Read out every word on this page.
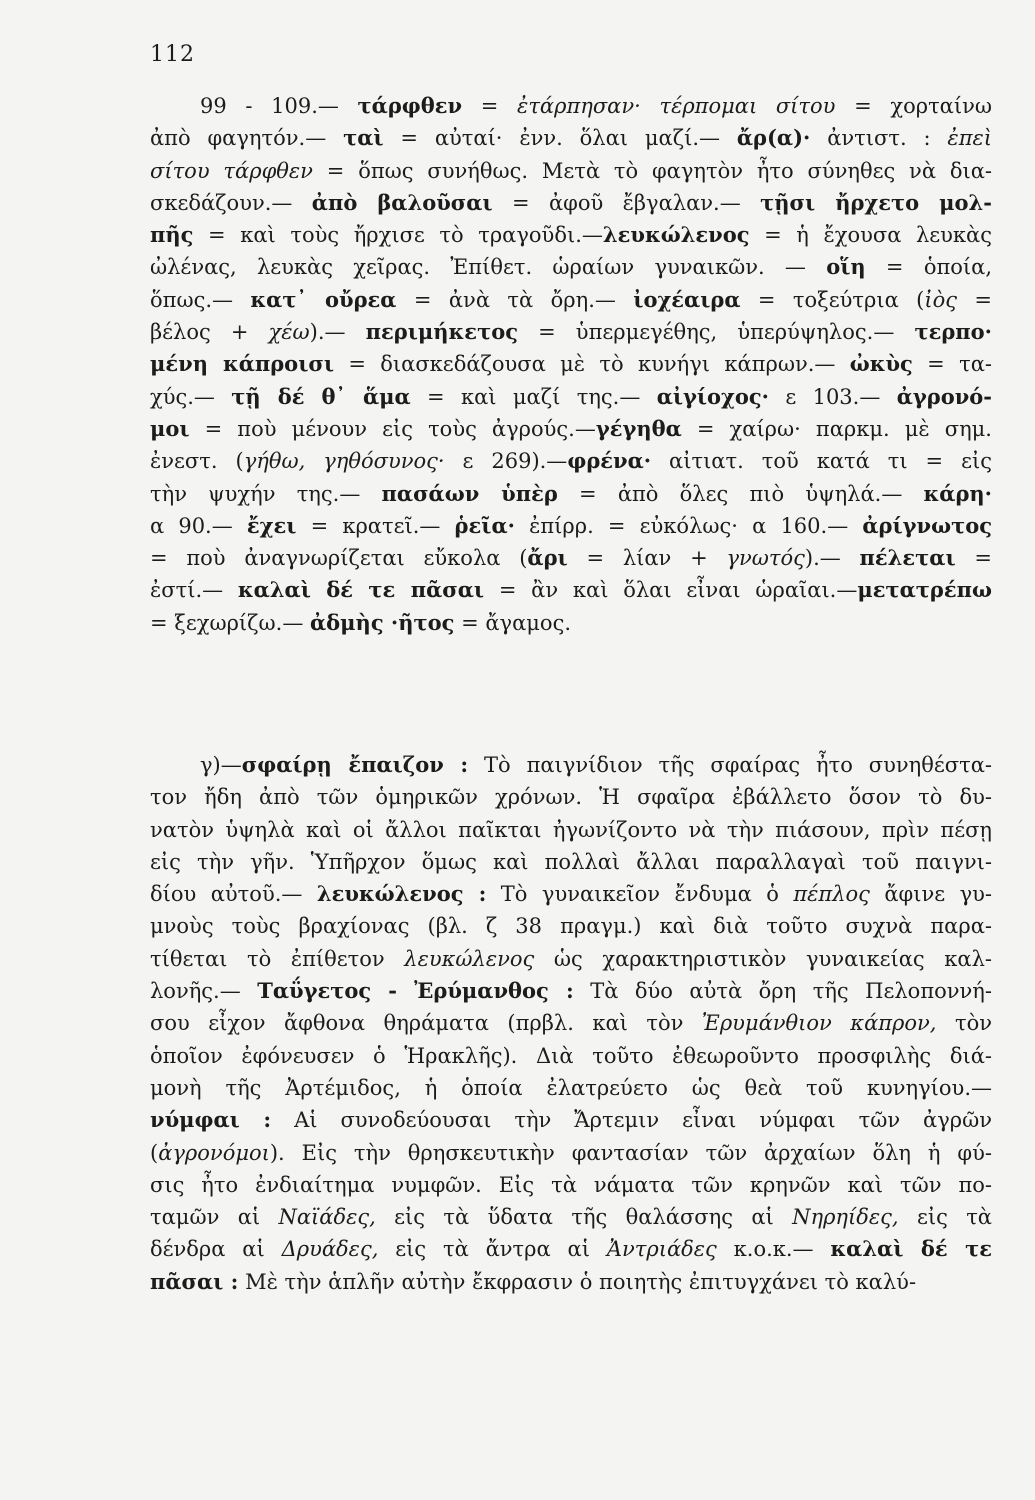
112
99 - 109.— τάρφθεν = ἐτάρπησαν· τέρπομαι σίτου = χορταίνω
ἀπὸ φαγητόν.— ταὶ = αὐταί· ἐνν. ὅλαι μαζί.— ἄρ(α)· ἀντιστ. : ἐπεὶ
σίτου τάρφθεν = ὅπως συνήθως. Μετὰ τὸ φαγητὸν ἦτο σύνηθες νὰ δια-
σκεδάζουν.— ἀπὸ βαλοῦσαι = ἀφοῦ ἔβγαλαν.— τῇσι ἤρχετο μολ-
πῆς = καὶ τοὺς ἤρχισε τὸ τραγοῦδι.—λευκώλενος = ἡ ἔχουσα λευκὰς
ὠλένας, λευκὰς χεῖρας. Ἐπίθετ. ὡραίων γυναικῶν. — οἵη = ὁποία,
ὅπως.— κατ᾽ οὔρεα = ἀνὰ τὰ ὄρη.— ἰοχέαιρα = τοξεύτρια (ἰὸς =
βέλος + χέω).— περιμήκετος = ὑπερμεγέθης, ὑπερύψηλος.— τερπο·
μένη κάπροισι = διασκεδάζουσα μὲ τὸ κυνήγι κάπρων.— ὠκὺς = τα-
χύς.— τῇ δέ θ᾽ ἅμα = καὶ μαζί της.— αἰγίοχος· ε 103.— ἀγρονό-
μοι = ποὺ μένουν εἰς τοὺς ἀγρούς.—γέγηθα = χαίρω· παρκμ. μὲ σημ.
ἐνεστ. (γήθω, γηθόσυνος· ε 269).—φρένα· αἰτιατ. τοῦ κατά τι = εἰς
τὴν ψυχήν της.— πασάων ὑπὲρ = ἀπὸ ὅλες πιὸ ὑψηλά.— κάρη·
α 90.— ἔχει = κρατεῖ.— ῥεῖα· ἐπίρρ. = εὐκόλως· α 160.— ἀρίγνωτος
= ποὺ ἀναγνωρίζεται εὔκολα (ἄρι = λίαν + γνωτός).— πέλεται =
ἐστί.— καλαὶ δέ τε πᾶσαι = ἂν καὶ ὅλαι εἶναι ὡραῖαι.—μετατρέπω
= ξεχωρίζω.— ἀδμὴς ·ῆτος = ἄγαμος.
γ)—σφαίρῃ ἔπαιζον : Τὸ παιγνίδιον τῆς σφαίρας ἦτο συνηθέστα-
τον ἤδη ἀπὸ τῶν ὁμηρικῶν χρόνων. Ἡ σφαῖρα ἐβάλλετο ὅσον τὸ δυ-
νατὸν ὑψηλὰ καὶ οἱ ἄλλοι παῖκται ἠγωνίζοντο νὰ τὴν πιάσουν, πρὶν πέσῃ
εἰς τὴν γῆν. Ὑπῆρχον ὅμως καὶ πολλαὶ ἄλλαι παραλλαγαὶ τοῦ παιγνι-
δίου αὐτοῦ.— λευκώλενος : Τὸ γυναικεῖον ἔνδυμα ὁ πέπλος ἄφινε γυ-
μνοὺς τοὺς βραχίονας (βλ. ζ 38 πραγμ.) καὶ διὰ τοῦτο συχνὰ παρα-
τίθεται τὸ ἐπίθετον λευκώλενος ὡς χαρακτηριστικὸν γυναικείας καλ-
λονῆς.— Ταΰγετος - Ἐρύμανθος : Τὰ δύο αὐτὰ ὄρη τῆς Πελοποννή-
σου εἶχον ἄφθονα θηράματα (πρβλ. καὶ τὸν Ἐρυμάνθιον κάπρον, τὸν
ὁποῖον ἐφόνευσεν ὁ Ἡρακλῆς). Διὰ τοῦτο ἐθεωροῦντο προσφιλὴς διά-
μονὴ τῆς Ἀρτέμιδος, ἡ ὁποία ἐλατρεύετο ὡς θεὰ τοῦ κυνηγίου.—
νύμφαι : Αἱ συνοδεύουσαι τὴν Ἄρτεμιν εἶναι νύμφαι τῶν ἀγρῶν
(ἀγρονόμοι). Εἰς τὴν θρησκευτικὴν φαντασίαν τῶν ἀρχαίων ὅλη ἡ φύ-
σις ἦτο ἐνδιαίτημα νυμφῶν. Εἰς τὰ νάματα τῶν κρηνῶν καὶ τῶν πο-
ταμῶν αἱ Ναϊάδες, εἰς τὰ ὕδατα τῆς θαλάσσης αἱ Νηρηίδες, εἰς τὰ
δένδρα αἱ Δρυάδες, εἰς τὰ ἄντρα αἱ Ἀντριάδες κ.ο.κ.— καλαὶ δέ τε
πᾶσαι : Μὲ τὴν ἁπλῆν αὐτὴν ἔκφρασιν ὁ ποιητὴς ἐπιτυγχάνει τὸ καλύ-
